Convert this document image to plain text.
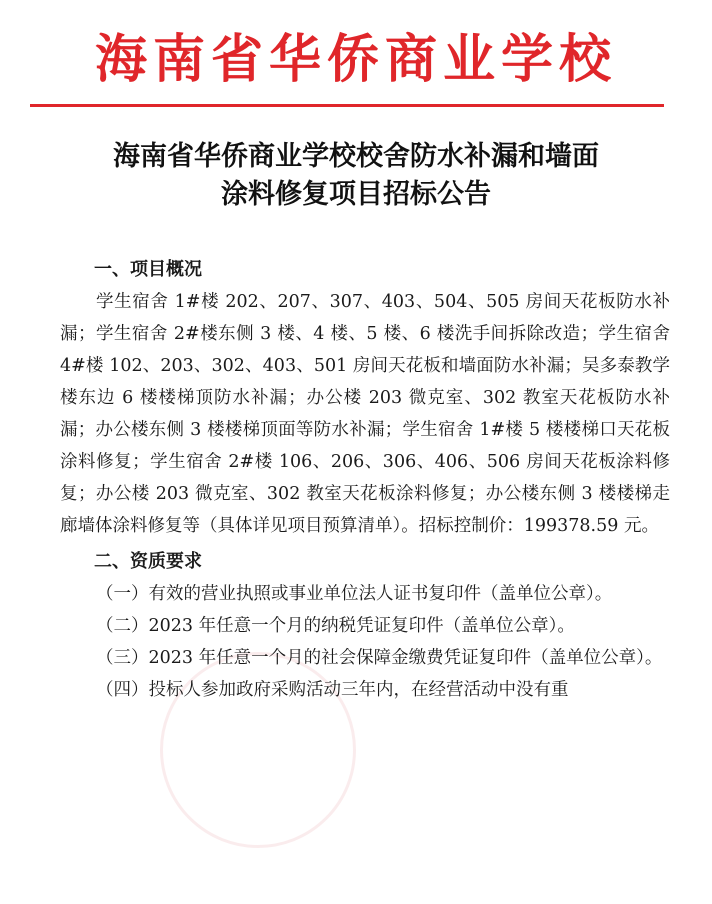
海南省华侨商业学校
海南省华侨商业学校校舍防水补漏和墙面
涂料修复项目招标公告

一、项目概况

学生宿舍 1#楼 202、207、307、403、504、505 房间天花板防水补漏；学生宿舍 2#楼东侧 3 楼、4 楼、5 楼、6 楼洗手间拆除改造；学生宿舍 4#楼 102、203、302、403、501 房间天花板和墙面防水补漏；吴多泰教学楼东边 6 楼楼梯顶防水补漏；办公楼 203 微克室、302 教室天花板防水补漏；办公楼东侧 3 楼楼梯顶面等防水补漏；学生宿舍 1#楼 5 楼楼梯口天花板涂料修复；学生宿舍 2#楼 106、206、306、406、506 房间天花板涂料修复；办公楼 203 微克室、302 教室天花板涂料修复；办公楼东侧 3 楼楼梯走廊墙体涂料修复等（具体详见项目预算清单）。招标控制价：199378.59 元。

二、资质要求

（一）有效的营业执照或事业单位法人证书复印件（盖单位公章）。

（二）2023 年任意一个月的纳税凭证复印件（盖单位公章）。

（三）2023 年任意一个月的社会保障金缴费凭证复印件（盖单位公章）。

（四）投标人参加政府采购活动三年内，在经营活动中没有重
